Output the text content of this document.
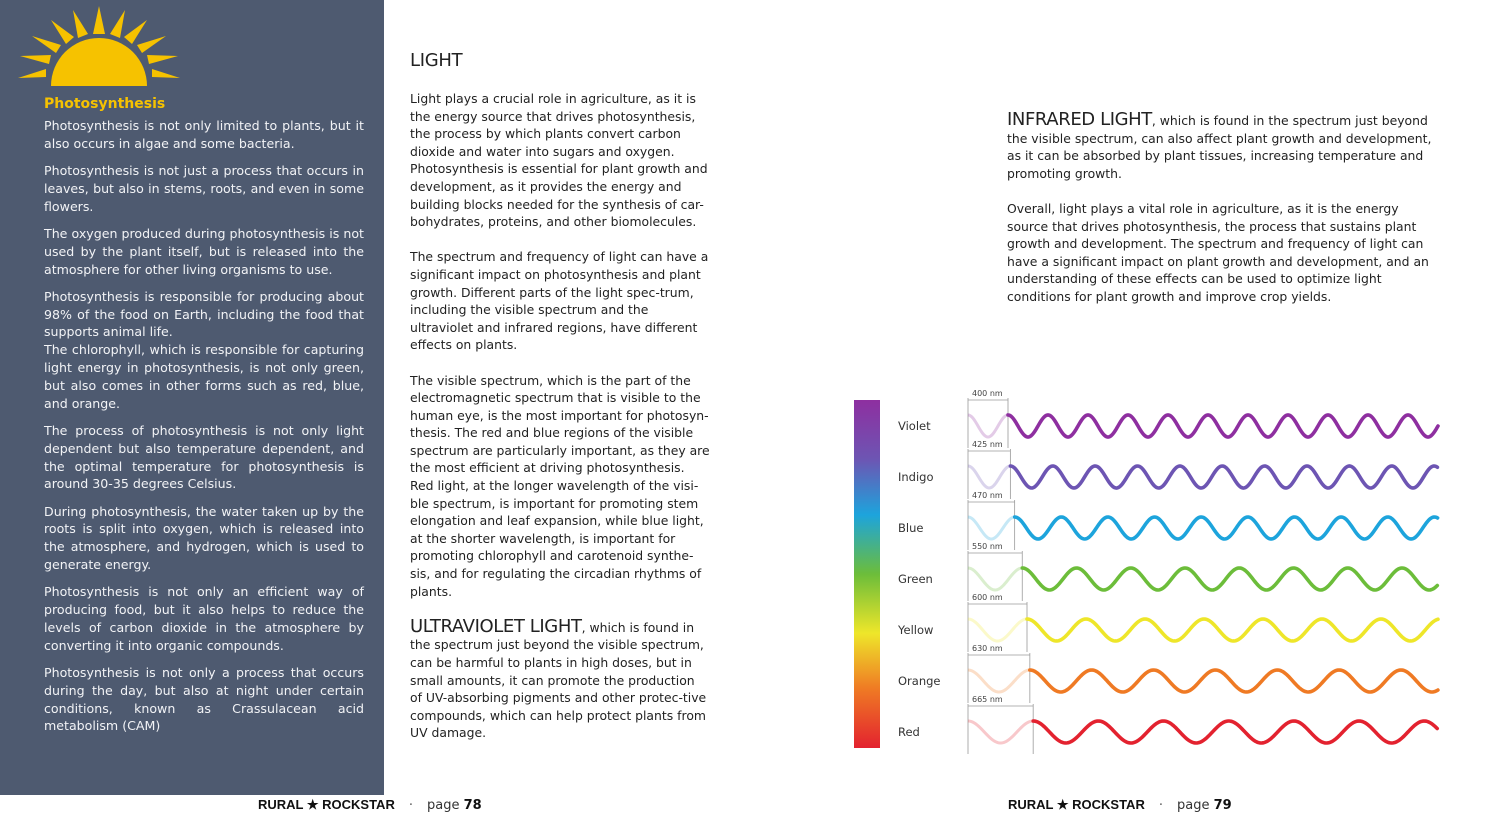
Photosynthesis

Photosynthesis is not only limited to plants, but it also occurs in algae and some bacteria.

Photosynthesis is not just a process that occurs in leaves, but also in stems, roots, and even in some flowers.

The oxygen produced during photosynthesis is not used by the plant itself, but is released into the atmosphere for other living organisms to use.

Photosynthesis is responsible for producing about 98% of the food on Earth, including the food that supports animal life.

The chlorophyll, which is responsible for capturing light energy in photosynthesis, is not only green, but also comes in other forms such as red, blue, and orange.

The process of photosynthesis is not only light dependent but also temperature dependent, and the optimal temperature for photosynthesis is around 30-35 degrees Celsius.

During photosynthesis, the water taken up by the roots is split into oxygen, which is released into the atmosphere, and hydrogen, which is used to generate energy.

Photosynthesis is not only an efficient way of producing food, but it also helps to reduce the levels of carbon dioxide in the atmosphere by converting it into organic compounds.

Photosynthesis is not only a process that occurs during the day, but also at night under certain conditions, known as Crassulacean acid metabolism (CAM)

LIGHT

Light plays a crucial role in agriculture, as it is the energy source that drives photosynthesis, the process by which plants convert carbon dioxide and water into sugars and oxygen. Photosynthesis is essential for plant growth and development, as it provides the energy and building blocks needed for the synthesis of car-bohydrates, proteins, and other biomolecules.

The spectrum and frequency of light can have a significant impact on photosynthesis and plant growth. Different parts of the light spec-trum, including the visible spectrum and the ultraviolet and infrared regions, have different effects on plants.

The visible spectrum, which is the part of the electromagnetic spectrum that is visible to the human eye, is the most important for photosyn-thesis. The red and blue regions of the visible spectrum are particularly important, as they are the most efficient at driving photosynthesis. Red light, at the longer wavelength of the visi-ble spectrum, is important for promoting stem elongation and leaf expansion, while blue light, at the shorter wavelength, is important for promoting chlorophyll and carotenoid synthe-sis, and for regulating the circadian rhythms of plants.

ULTRAVIOLET LIGHT, which is found in the spectrum just beyond the visible spectrum, can be harmful to plants in high doses, but in small amounts, it can promote the production of UV-absorbing pigments and other protec-tive compounds, which can help protect plants from UV damage.

INFRARED LIGHT, which is found in the spectrum just beyond the visible spectrum, can also affect plant growth and development, as it can be absorbed by plant tissues, increasing temperature and promoting growth.

Overall, light plays a vital role in agriculture, as it is the energy source that drives photosynthesis, the process that sustains plant growth and development. The spectrum and frequency of light can have a significant impact on plant growth and development, and an understanding of these effects can be used to optimize light conditions for plant growth and improve crop yields.

Violet
400 nm
Indigo
425 nm
Blue
470 nm
Green
550 nm
Yellow
600 nm
Orange
630 nm
Red
665 nm
RURAL ★ ROCKSTAR · page 78	RURAL ★ ROCKSTAR · page 79
